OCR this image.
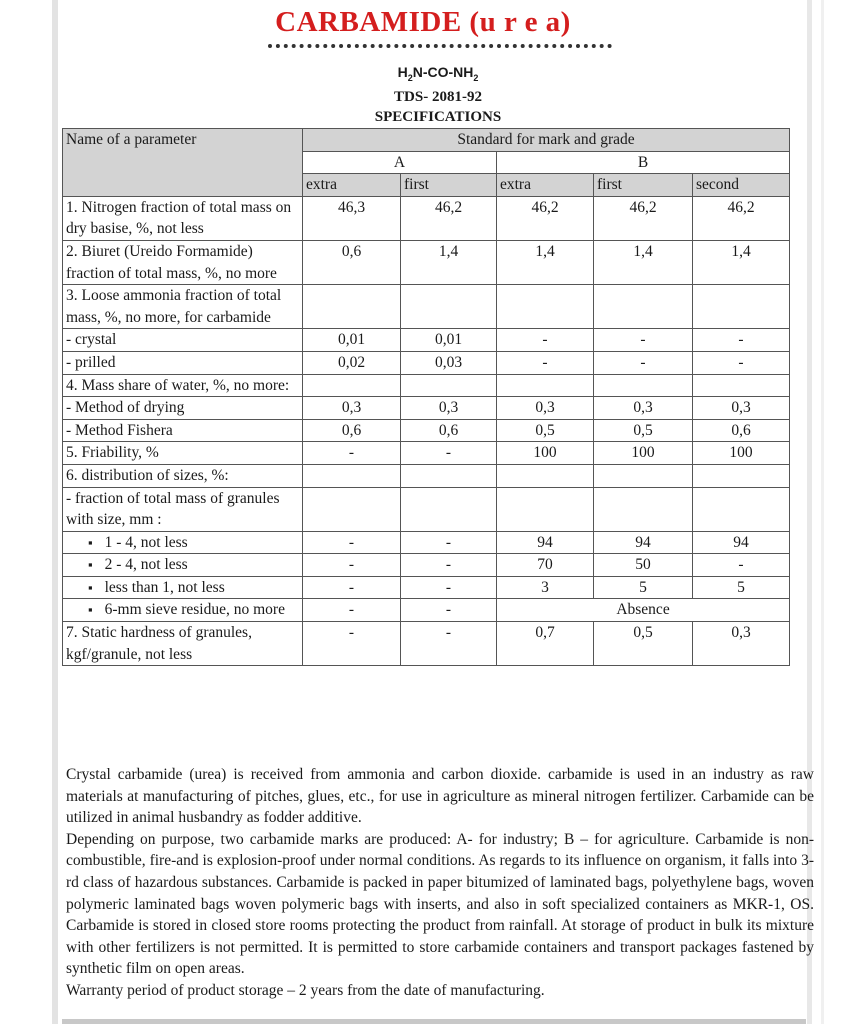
CARBAMIDE (u r e a)
$H_2N-CO-NH_2$
TDS- 2081-92
SPECIFICATIONS
Name of a parameter	Standard for mark and grade				
	A		B		
	extra	first	extra	first	second
1. Nitrogen fraction of total mass on dry basise, %, not less	46,3	46,2	46,2	46,2	46,2
2. Biuret (Ureido Formamide) fraction of total mass, %, no more	0,6	1,4	1,4	1,4	1,4
3. Loose ammonia fraction of total mass, %, no more, for carbamide					
- crystal	0,01	0,01	-	-	-
- prilled	0,02	0,03	-	-	-
4. Mass share of water, %, no more:					
- Method of drying	0,3	0,3	0,3	0,3	0,3
- Method Fishera	0,6	0,6	0,5	0,5	0,6
5. Friability, %	-	-	100	100	100
6. distribution of sizes, %:					
- fraction of total mass of granules with size, mm :					

▪ 1 - 4, not less	-	-	94	94	94

▪ 2 - 4, not less	-	-	70	50	-

▪ less than 1, not less	-	-	3	5	5

▪ 6-mm sieve residue, no more	-	-	Absence		
7. Static hardness of granules, kgf/granule, not less	-	-	0,7	0,5	0,3

Crystal carbamide (urea) is received from ammonia and carbon dioxide. carbamide is used in an industry as raw materials at manufacturing of pitches, glues, etc., for use in agriculture as mineral nitrogen fertilizer. Carbamide can be utilized in animal husbandry as fodder additive.

Depending on purpose, two carbamide marks are produced: A- for industry; B – for agriculture. Carbamide is non-combustible, fire-and is explosion-proof under normal conditions. As regards to its influence on organism, it falls into 3-rd class of hazardous substances. Carbamide is packed in paper bitumized of laminated bags, polyethylene bags, woven polymeric laminated bags woven polymeric bags with inserts, and also in soft specialized containers as MKR-1, OS. Carbamide is stored in closed store rooms protecting the product from rainfall. At storage of product in bulk its mixture with other fertilizers is not permitted. It is permitted to store carbamide containers and transport packages fastened by synthetic film on open areas.

Warranty period of product storage – 2 years from the date of manufacturing.
